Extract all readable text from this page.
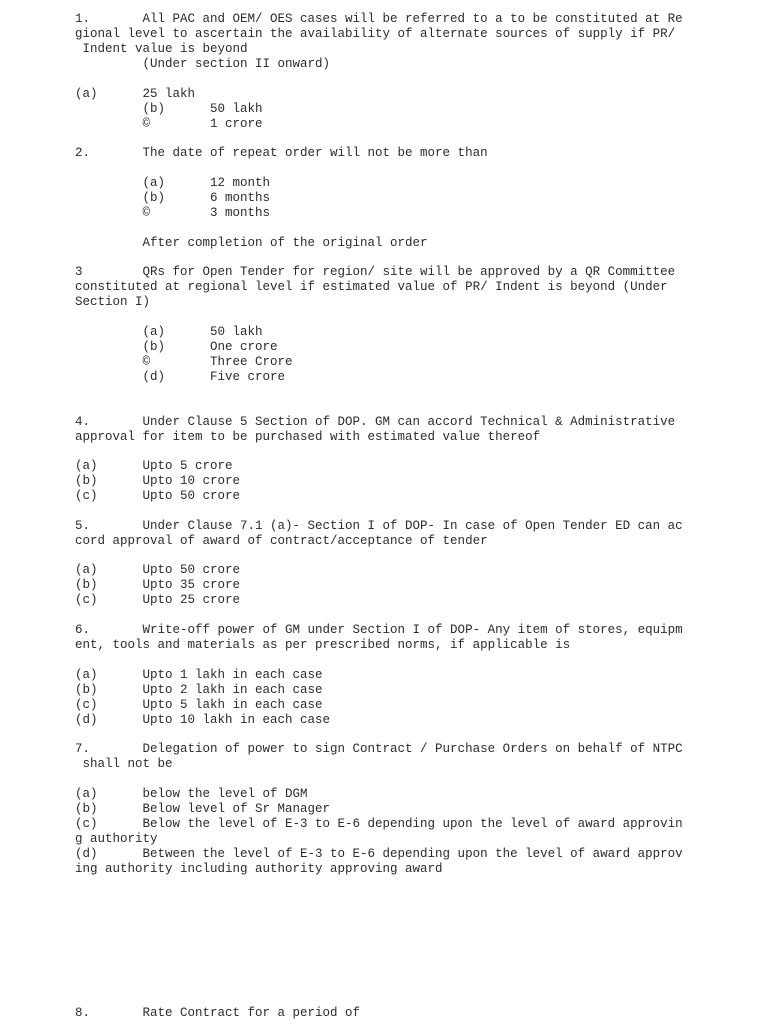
1.       All PAC and OEM/ OES cases will be referred to a to be constituted at Re
gional level to ascertain the availability of alternate sources of supply if PR/
Indent value is beyond
(Under section II onward)
(a)      25 lakh
(b)      50 lakh
©        1 crore
2.       The date of repeat order will not be more than
(a)      12 month
(b)      6 months
©        3 months
After completion of the original order
3        QRs for Open Tender for region/ site will be approved by a QR Committee
constituted at regional level if estimated value of PR/ Indent is beyond (Under
Section I)
(a)      50 lakh
(b)      One crore
©        Three Crore
(d)      Five crore
4.       Under Clause 5 Section of DOP. GM can accord Technical & Administrative
approval for item to be purchased with estimated value thereof
(a)      Upto 5 crore
(b)      Upto 10 crore
(c)      Upto 50 crore
5.       Under Clause 7.1 (a)- Section I of DOP- In case of Open Tender ED can ac
cord approval of award of contract/acceptance of tender
(a)      Upto 50 crore
(b)      Upto 35 crore
(c)      Upto 25 crore
6.       Write-off power of GM under Section I of DOP- Any item of stores, equipm
ent, tools and materials as per prescribed norms, if applicable is
(a)      Upto 1 lakh in each case
(b)      Upto 2 lakh in each case
(c)      Upto 5 lakh in each case
(d)      Upto 10 lakh in each case
7.       Delegation of power to sign Contract / Purchase Orders on behalf of NTPC
shall not be
(a)      below the level of DGM
(b)      Below level of Sr Manager
(c)      Below the level of E-3 to E-6 depending upon the level of award approvin
g authority
(d)      Between the level of E-3 to E-6 depending upon the level of award approv
ing authority including authority approving award
8.       Rate Contract for a period of
